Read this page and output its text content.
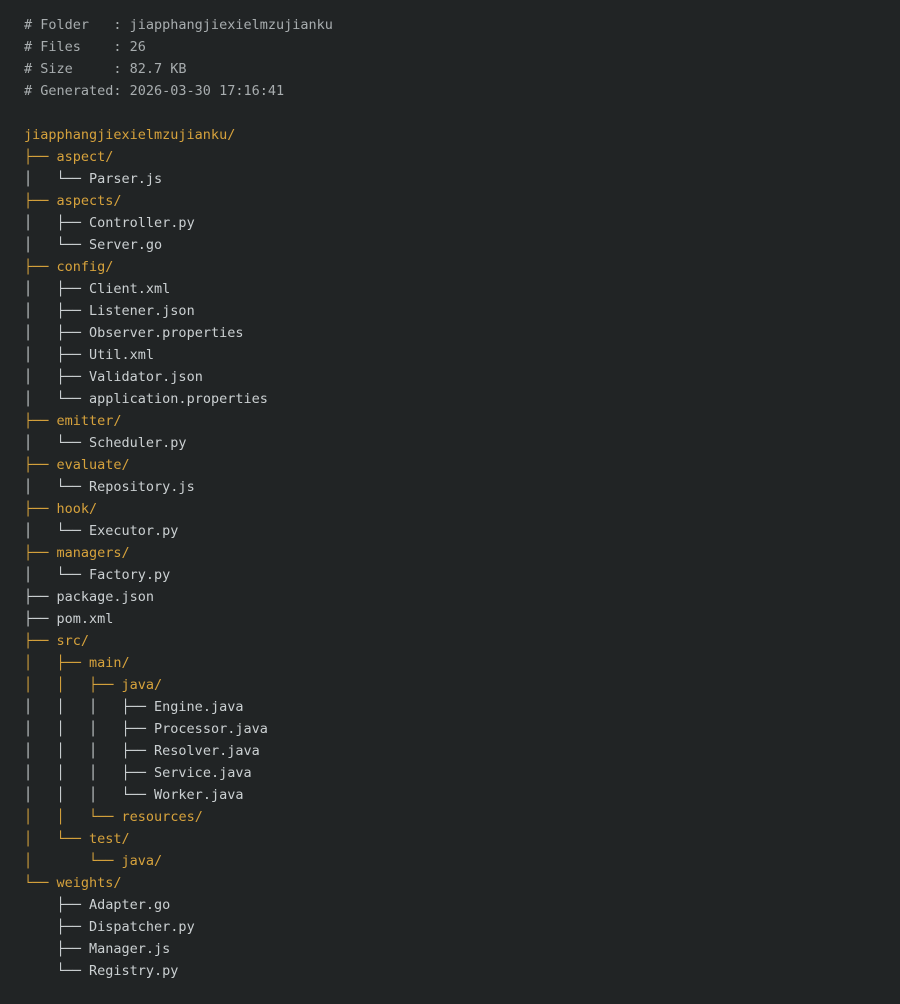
# Folder   : jiapphangjiexielmzujianku
# Files    : 26
# Size     : 82.7 KB
# Generated: 2026-03-30 17:16:41

jiapphangjiexielmzujianku/
├── aspect/
│   └── Parser.js
├── aspects/
│   ├── Controller.py
│   └── Server.go
├── config/
│   ├── Client.xml
│   ├── Listener.json
│   ├── Observer.properties
│   ├── Util.xml
│   ├── Validator.json
│   └── application.properties
├── emitter/
│   └── Scheduler.py
├── evaluate/
│   └── Repository.js
├── hook/
│   └── Executor.py
├── managers/
│   └── Factory.py
├── package.json
├── pom.xml
├── src/
│   ├── main/
│   │   ├── java/
│   │   │   ├── Engine.java
│   │   │   ├── Processor.java
│   │   │   ├── Resolver.java
│   │   │   ├── Service.java
│   │   │   └── Worker.java
│   │   └── resources/
│   └── test/
│       └── java/
└── weights/
├── Adapter.go
├── Dispatcher.py
├── Manager.js
└── Registry.py
